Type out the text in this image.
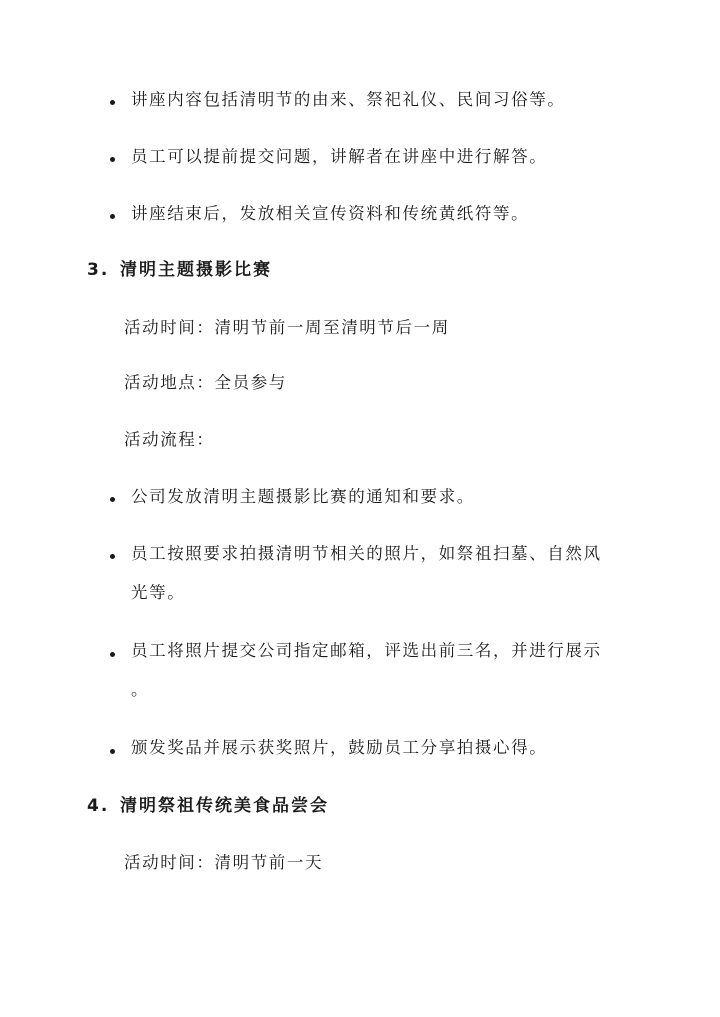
讲座内容包括清明节的由来、祭祀礼仪、民间习俗等。
员工可以提前提交问题，讲解者在讲座中进行解答。
讲座结束后，发放相关宣传资料和传统黄纸符等。
3. 清明主题摄影比赛
活动时间：清明节前一周至清明节后一周
活动地点：全员参与
活动流程：
公司发放清明主题摄影比赛的通知和要求。
员工按照要求拍摄清明节相关的照片，如祭祖扫墓、自然风
光等。
员工将照片提交公司指定邮箱，评选出前三名，并进行展示
。
颁发奖品并展示获奖照片，鼓励员工分享拍摄心得。
4. 清明祭祖传统美食品尝会
活动时间：清明节前一天
